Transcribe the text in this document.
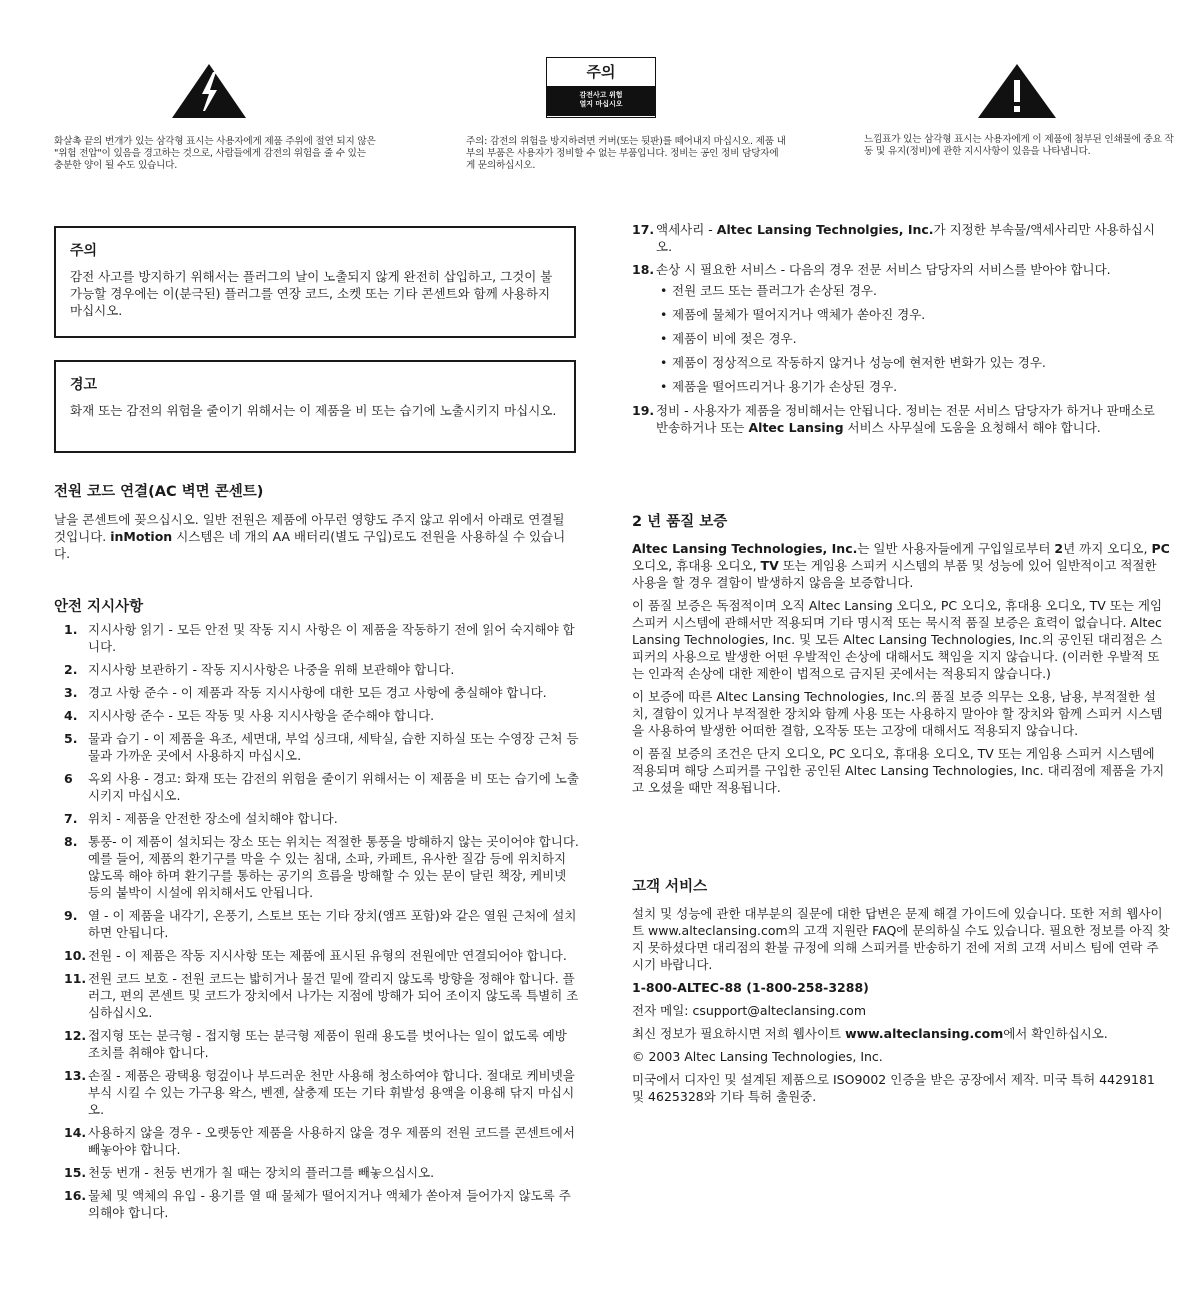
화살촉 끝의 번개가 있는 삼각형 표시는 사용자에게 제품 주위에 절연 되지 않은 "위험 전압"이 있음을 경고하는 것으로, 사람들에게 감전의 위험을 줄 수 있는 충분한 양이 될 수도 있습니다.
주의
감전사고 위험
열지 마십시오
주의: 감전의 위험을 방지하려면 커버(또는 뒷판)를 떼어내지 마십시오. 제품 내부의 부품은 사용자가 정비할 수 없는 부품입니다. 정비는 공인 정비 담당자에게 문의하십시오.
느낌표가 있는 삼각형 표시는 사용자에게 이 제품에 첨부된 인쇄물에 중요 작동 및 유지(정비)에 관한 지시사항이 있음을 나타냅니다.
주의

감전 사고를 방지하기 위해서는 플러그의 날이 노출되지 않게 완전히 삽입하고, 그것이 불가능할 경우에는 이(분극된) 플러그를 연장 코드, 소켓 또는 기타 콘센트와 함께 사용하지 마십시오.

경고

화재 또는 감전의 위험을 줄이기 위해서는 이 제품을 비 또는 습기에 노출시키지 마십시오.

전원 코드 연결(AC 벽면 콘센트)

날을 콘센트에 꽂으십시오. 일반 전원은 제품에 아무런 영향도 주지 않고 위에서 아래로 연결될 것입니다. inMotion 시스템은 네 개의 AA 배터리(별도 구입)로도 전원을 사용하실 수 있습니다.

안전 지시사항
1. 지시사항 읽기 - 모든 안전 및 작동 지시 사항은 이 제품을 작동하기 전에 읽어 숙지해야 합니다.
2. 지시사항 보관하기 - 작동 지시사항은 나중을 위해 보관해야 합니다.
3. 경고 사항 준수 - 이 제품과 작동 지시사항에 대한 모든 경고 사항에 충실해야 합니다.
4. 지시사항 준수 - 모든 작동 및 사용 지시사항을 준수해야 합니다.
5. 물과 습기 - 이 제품을 욕조, 세면대, 부엌 싱크대, 세탁실, 습한 지하실 또는 수영장 근처 등 물과 가까운 곳에서 사용하지 마십시오.
6 옥외 사용 - 경고: 화재 또는 감전의 위험을 줄이기 위해서는 이 제품을 비 또는 습기에 노출시키지 마십시오.
7. 위치 - 제품을 안전한 장소에 설치해야 합니다.
8. 통풍- 이 제품이 설치되는 장소 또는 위치는 적절한 통풍을 방해하지 않는 곳이어야 합니다. 예를 들어, 제품의 환기구를 막을 수 있는 침대, 소파, 카페트, 유사한 질감 등에 위치하지 않도록 해야 하며 환기구를 통하는 공기의 흐름을 방해할 수 있는 문이 달린 책장, 케비넷 등의 붙박이 시설에 위치해서도 안됩니다.
9. 열 - 이 제품을 내각기, 온풍기, 스토브 또는 기타 장치(앰프 포함)와 같은 열원 근처에 설치하면 안됩니다.
10. 전원 - 이 제품은 작동 지시사항 또는 제품에 표시된 유형의 전원에만 연결되어야 합니다.
11. 전원 코드 보호 - 전원 코드는 밟히거나 물건 밑에 깔리지 않도록 방향을 정해야 합니다. 플러그, 편의 콘센트 및 코드가 장치에서 나가는 지점에 방해가 되어 조이지 않도록 특별히 조심하십시오.
12. 접지형 또는 분극형 - 접지형 또는 분극형 제품이 원래 용도를 벗어나는 일이 없도록 예방 조치를 취해야 합니다.
13. 손질 - 제품은 광택용 헝겊이나 부드러운 천만 사용해 청소하여야 합니다. 절대로 케비넷을 부식 시킬 수 있는 가구용 왁스, 벤젠, 살충제 또는 기타 휘발성 용액을 이용해 닦지 마십시오.
14. 사용하지 않을 경우 - 오랫동안 제품을 사용하지 않을 경우 제품의 전원 코드를 콘센트에서 빼놓아야 합니다.
15. 천둥 번개 - 천둥 번개가 칠 때는 장치의 플러그를 빼놓으십시오.
16. 물체 및 액체의 유입 - 용기를 열 때 물체가 떨어지거나 액체가 쏟아져 들어가지 않도록 주의해야 합니다.
17. 액세사리 - Altec Lansing Technolgies, Inc.가 지정한 부속물/액세사리만 사용하십시오.
18. 손상 시 필요한 서비스 - 다음의 경우 전문 서비스 담당자의 서비스를 받아야 합니다.
• 전원 코드 또는 플러그가 손상된 경우.
• 제품에 물체가 떨어지거나 액체가 쏟아진 경우.
• 제품이 비에 젖은 경우.
• 제품이 정상적으로 작동하지 않거나 성능에 현저한 변화가 있는 경우.
• 제품을 떨어뜨리거나 용기가 손상된 경우.
19. 정비 - 사용자가 제품을 정비해서는 안됩니다. 정비는 전문 서비스 담당자가 하거나 판매소로 반송하거나 또는 Altec Lansing 서비스 사무실에 도움을 요청해서 해야 합니다.
2 년 품질 보증

Altec Lansing Technologies, Inc.는 일반 사용자들에게 구입일로부터 2년 까지 오디오, PC 오디오, 휴대용 오디오, TV 또는 게임용 스피커 시스템의 부품 및 성능에 있어 일반적이고 적절한 사용을 할 경우 결함이 발생하지 않음을 보증합니다.

이 품질 보증은 독점적이며 오직 Altec Lansing 오디오, PC 오디오, 휴대용 오디오, TV 또는 게임 스피커 시스템에 관해서만 적용되며 기타 명시적 또는 묵시적 품질 보증은 효력이 없습니다. Altec Lansing Technologies, Inc. 및 모든 Altec Lansing Technologies, Inc.의 공인된 대리점은 스피커의 사용으로 발생한 어떤 우발적인 손상에 대해서도 책임을 지지 않습니다. (이러한 우발적 또는 인과적 손상에 대한 제한이 법적으로 금지된 곳에서는 적용되지 않습니다.)

이 보증에 따른 Altec Lansing Technologies, Inc.의 품질 보증 의무는 오용, 남용, 부적절한 설치, 결함이 있거나 부적절한 장치와 함께 사용 또는 사용하지 말아야 할 장치와 함께 스피커 시스템을 사용하여 발생한 어떠한 결함, 오작동 또는 고장에 대해서도 적용되지 않습니다.

이 품질 보증의 조건은 단지 오디오, PC 오디오, 휴대용 오디오, TV 또는 게임용 스피커 시스템에 적용되며 해당 스피커를 구입한 공인된 Altec Lansing Technologies, Inc. 대리점에 제품을 가지고 오셨을 때만 적용됩니다.

고객 서비스

설치 및 성능에 관한 대부분의 질문에 대한 답변은 문제 해결 가이드에 있습니다. 또한 저희 웹사이트 www.alteclansing.com의 고객 지원란 FAQ에 문의하실 수도 있습니다. 필요한 정보를 아직 찾지 못하셨다면 대리점의 환불 규정에 의해 스피커를 반송하기 전에 저희 고객 서비스 팀에 연락 주시기 바랍니다.

1-800-ALTEC-88 (1-800-258-3288)

전자 메일: csupport@alteclansing.com

최신 정보가 필요하시면 저희 웹사이트 www.alteclansing.com에서 확인하십시오.

© 2003 Altec Lansing Technologies, Inc.

미국에서 디자인 및 설계된 제품으로 ISO9002 인증을 받은 공장에서 제작. 미국 특허 4429181 및 4625328와 기타 특허 출원중.
